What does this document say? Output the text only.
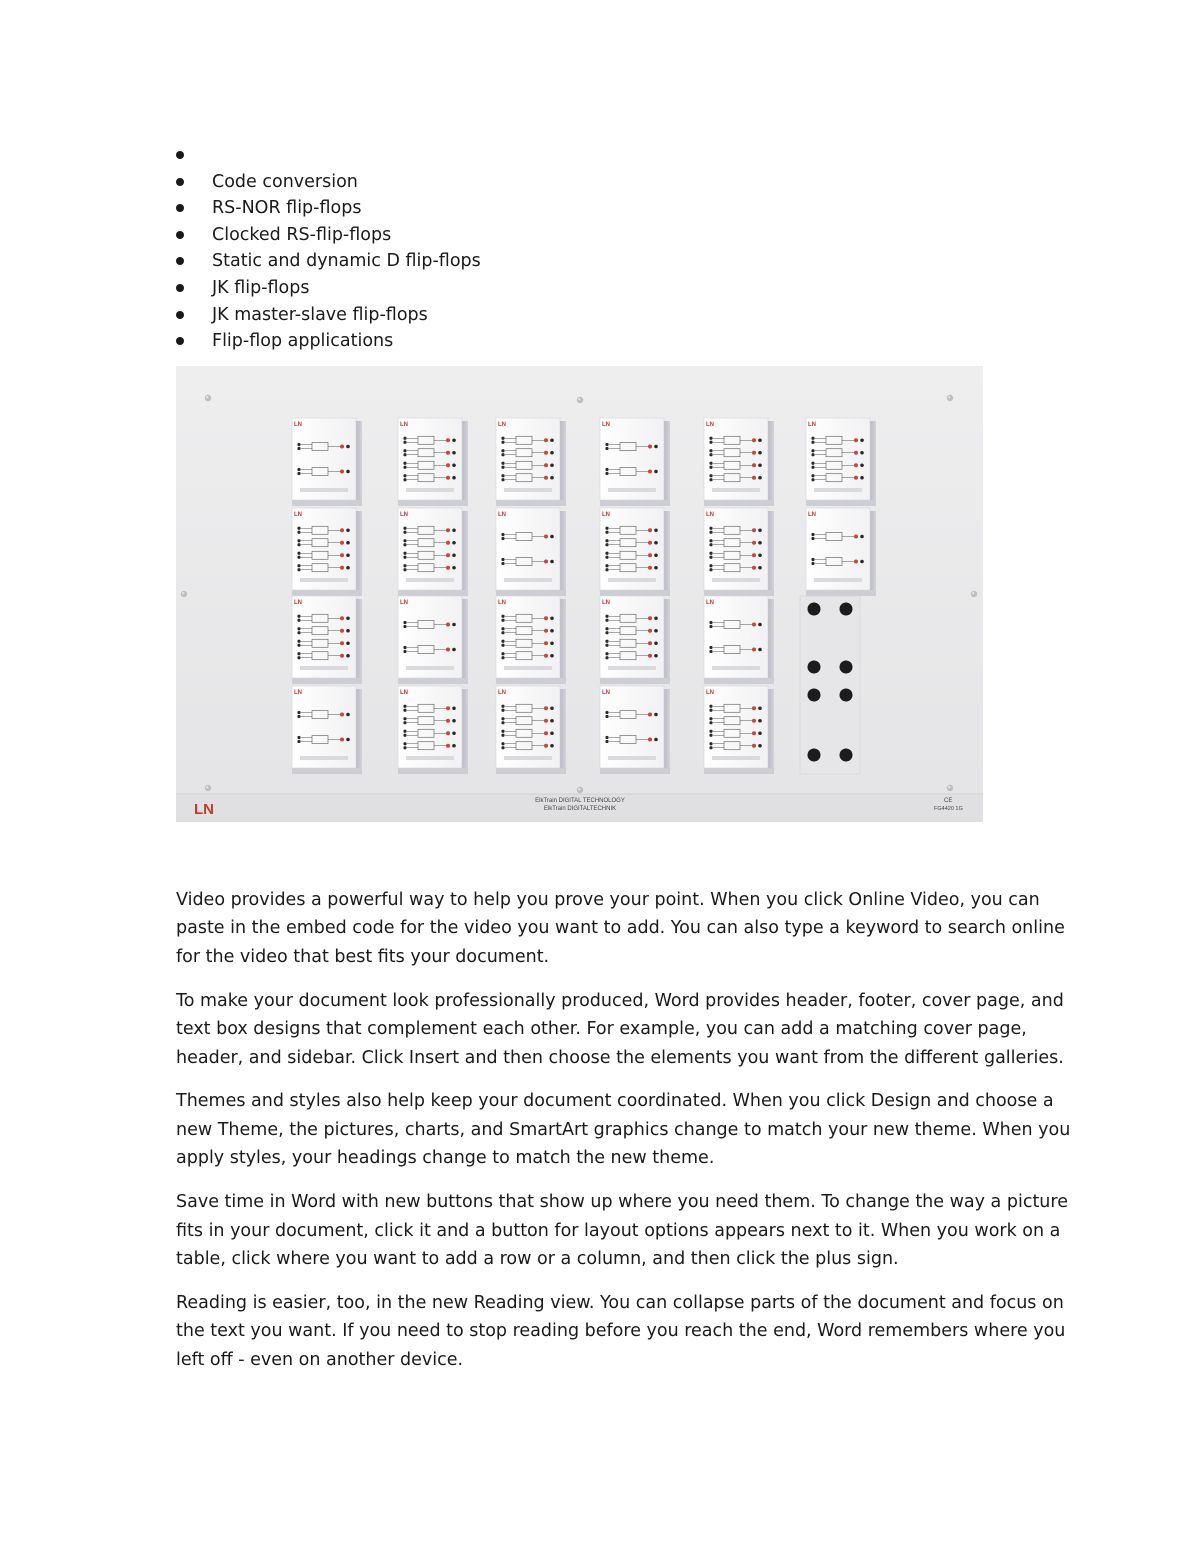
Code conversion
RS-NOR flip-flops
Clocked RS-flip-flops
Static and dynamic D flip-flops
JK flip-flops
JK master-slave flip-flops
Flip-flop applications
LN	LN	LN	LN	LN	LN
LN	LN	LN	LN	LN	LN
LN	LN	LN	LN	LN
LN	LN	LN	LN	LN
LN	ElkTrain DIGITAL TECHNOLOGY
ElkTrain DIGITALTECHNIK
CE
FG4420 1G

Video provides a powerful way to help you prove your point. When you click Online Video, you can paste in the embed code for the video you want to add. You can also type a keyword to search online for the video that best fits your document.

To make your document look professionally produced, Word provides header, footer, cover page, and text box designs that complement each other. For example, you can add a matching cover page, header, and sidebar. Click Insert and then choose the elements you want from the different galleries.

Themes and styles also help keep your document coordinated. When you click Design and choose a new Theme, the pictures, charts, and SmartArt graphics change to match your new theme. When you apply styles, your headings change to match the new theme.

Save time in Word with new buttons that show up where you need them. To change the way a picture fits in your document, click it and a button for layout options appears next to it. When you work on a table, click where you want to add a row or a column, and then click the plus sign.

Reading is easier, too, in the new Reading view. You can collapse parts of the document and focus on the text you want. If you need to stop reading before you reach the end, Word remembers where you left off - even on another device.
